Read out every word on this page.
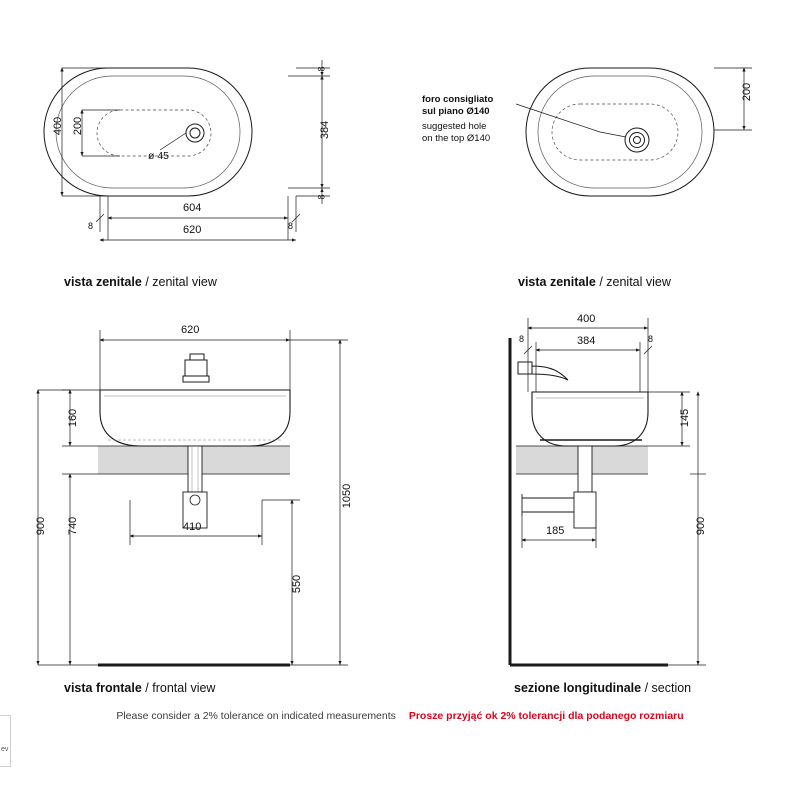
400 200
604
620
8	8
384
8
8
ø 45
200
620
160
900 740	410
1050
550
400
384
8	8
145
185	900
foro consigliato
sul piano Ø140
suggested hole
on the top Ø140
vista zenitale / zenital view	vista zenitale / zenital view
vista frontale / frontal view	sezione longitudinale / section
Please consider a 2% tolerance on indicated measurements Prosze przyjąć ok 2% tolerancji dla podanego rozmiaru
ev
